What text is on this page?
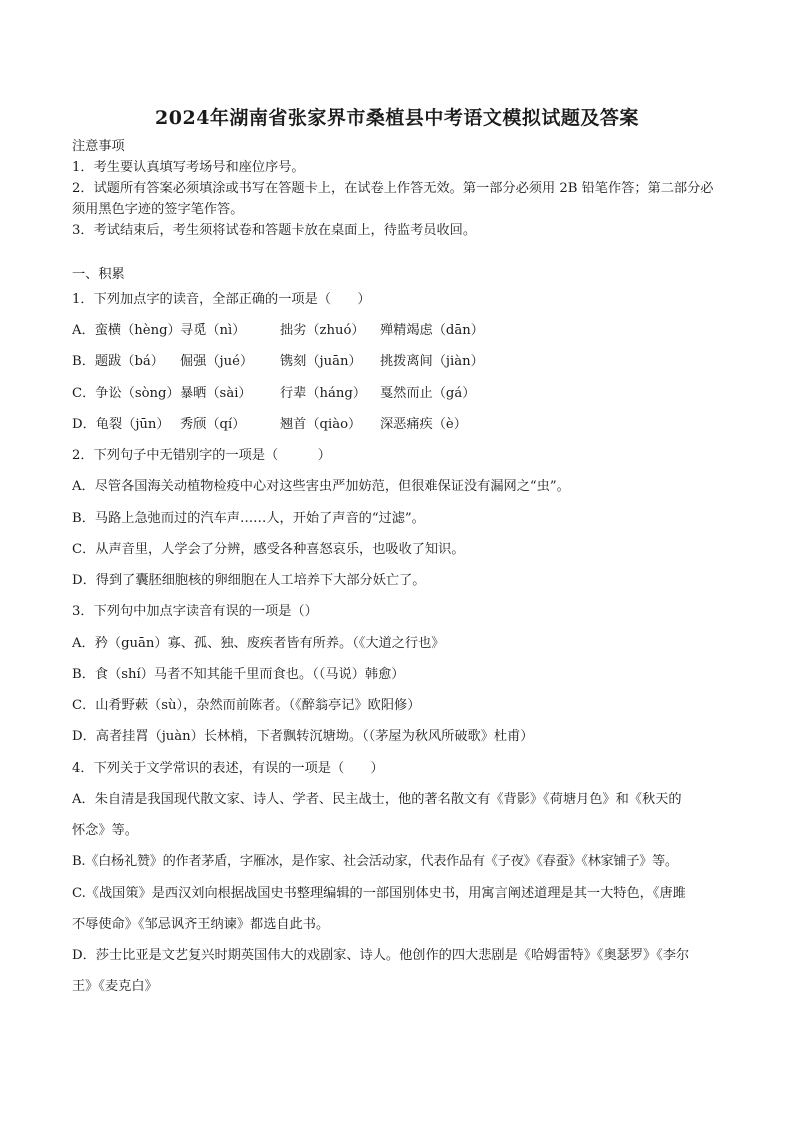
2024年湖南省张家界市桑植县中考语文模拟试题及答案
注意事项
1．考生要认真填写考场号和座位序号。
2．试题所有答案必须填涂或书写在答题卡上，在试卷上作答无效。第一部分必须用 2B 铅笔作答；第二部分必须用黑色字迹的签字笔作答。
3．考试结束后，考生须将试卷和答题卡放在桌面上，待监考员收回。
一、积累
1．下列加点字的读音，全部正确的一项是（　　）
A．蛮横（hèng）寻觅（nì）	拙劣（zhuó） 殚精竭虑（dān）
B．题跋（bá） 倔强（jué） 镌刻（juān） 挑拨离间（jiàn）
C．争讼（sòng）暴晒（sài） 行辈（háng） 戛然而止（gá）
D．龟裂（jūn） 秀颀（qí）	翘首（qiào） 深恶痛疾（è）
2．下列句子中无错别字的一项是（　　　）
A．尽管各国海关动植物检疫中心对这些害虫严加妨范，但很难保证没有漏网之“虫”。
B．马路上急弛而过的汽车声……人，开始了声音的“过滤”。
C．从声音里，人学会了分辨，感受各种喜怒哀乐，也吸收了知识。
D．得到了囊胚细胞核的卵细胞在人工培养下大部分妖亡了。
3．下列句中加点字读音有误的一项是（）
A．矜（guān）寡、孤、独、废疾者皆有所养。（《大道之行也》
B．食（shí）马者不知其能千里而食也。（（马说）韩愈）
C．山肴野蔌（sù），杂然而前陈者。（《醉翁亭记》欧阳修）
D．高者挂罥（juàn）长林梢，下者飘转沉塘坳。（（茅屋为秋风所破歌》杜甫）
4．下列关于文学常识的表述，有误的一项是（　　）
A．朱自清是我国现代散文家、诗人、学者、民主战士，他的著名散文有《背影》《荷塘月色》和《秋天的
怀念》等。
B.《白杨礼赞》的作者茅盾，字雁冰，是作家、社会活动家，代表作品有《子夜》《春蚕》《林家铺子》等。
C.《战国策》是西汉刘向根据战国史书整理编辑的一部国别体史书，用寓言阐述道理是其一大特色，《唐雎
不辱使命》《邹忌讽齐王纳谏》都选自此书。
D．莎士比亚是文艺复兴时期英国伟大的戏剧家、诗人。他创作的四大悲剧是《哈姆雷特》《奥瑟罗》《李尔
王》《麦克白》
